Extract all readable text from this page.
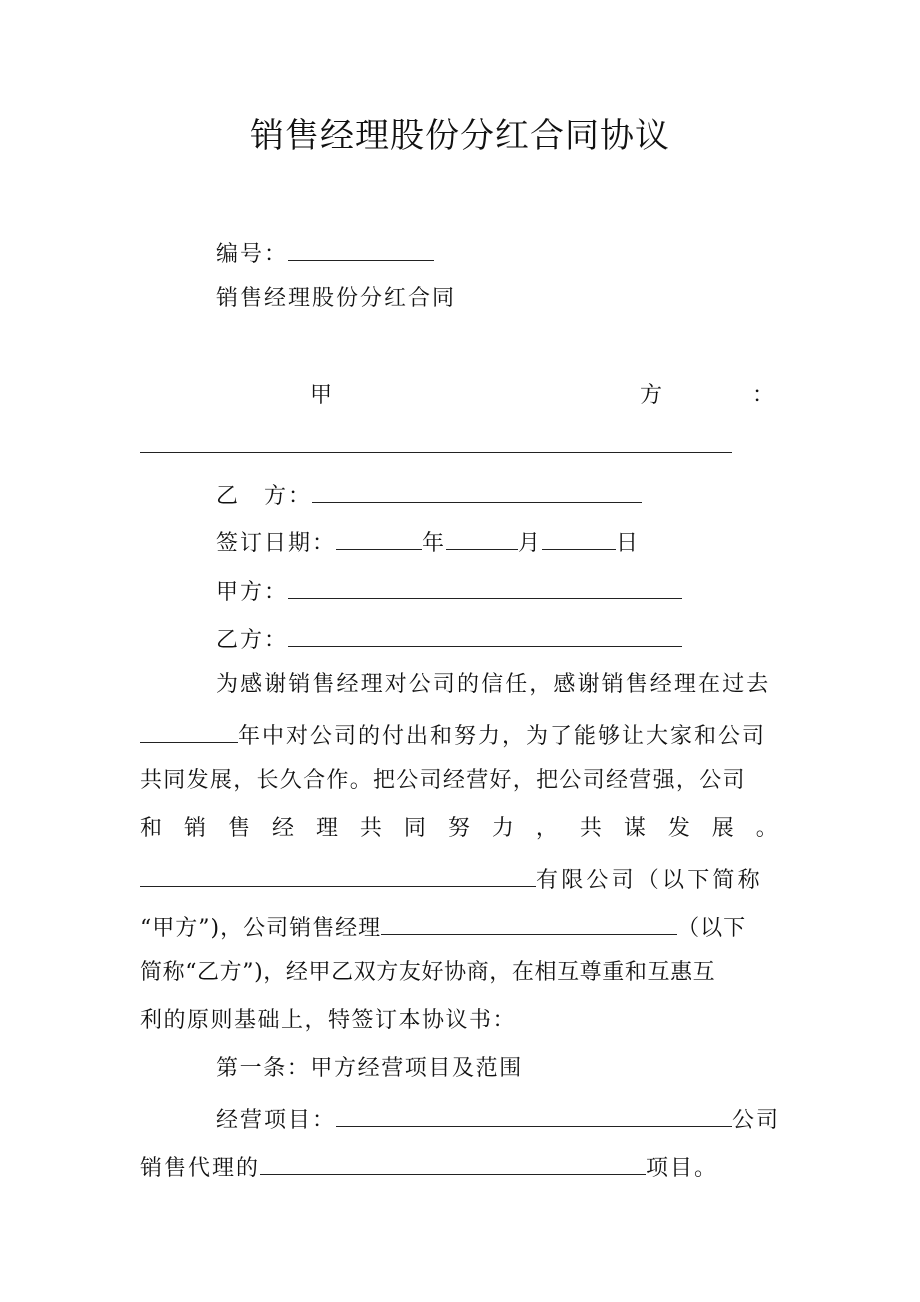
销售经理股份分红合同协议
编号：
销售经理股份分红合同
甲	方	：
乙　方：
签订日期：	年	月	日
甲方：
乙方：
为感谢销售经理对公司的信任，感谢销售经理在过去
年中对公司的付出和努力，为了能够让大家和公司
共同发展，长久合作。把公司经营好，把公司经营强，公司
和 销 售 经 理 共 同 努 力 ， 共 谋 发 展 。
有限公司（以下简称
“甲方”)，公司销售经理	（以下
简称“乙方”)，经甲乙双方友好协商，在相互尊重和互惠互
利的原则基础上，特签订本协议书：
第一条：甲方经营项目及范围
经营项目：	公司
销售代理的	项目。
